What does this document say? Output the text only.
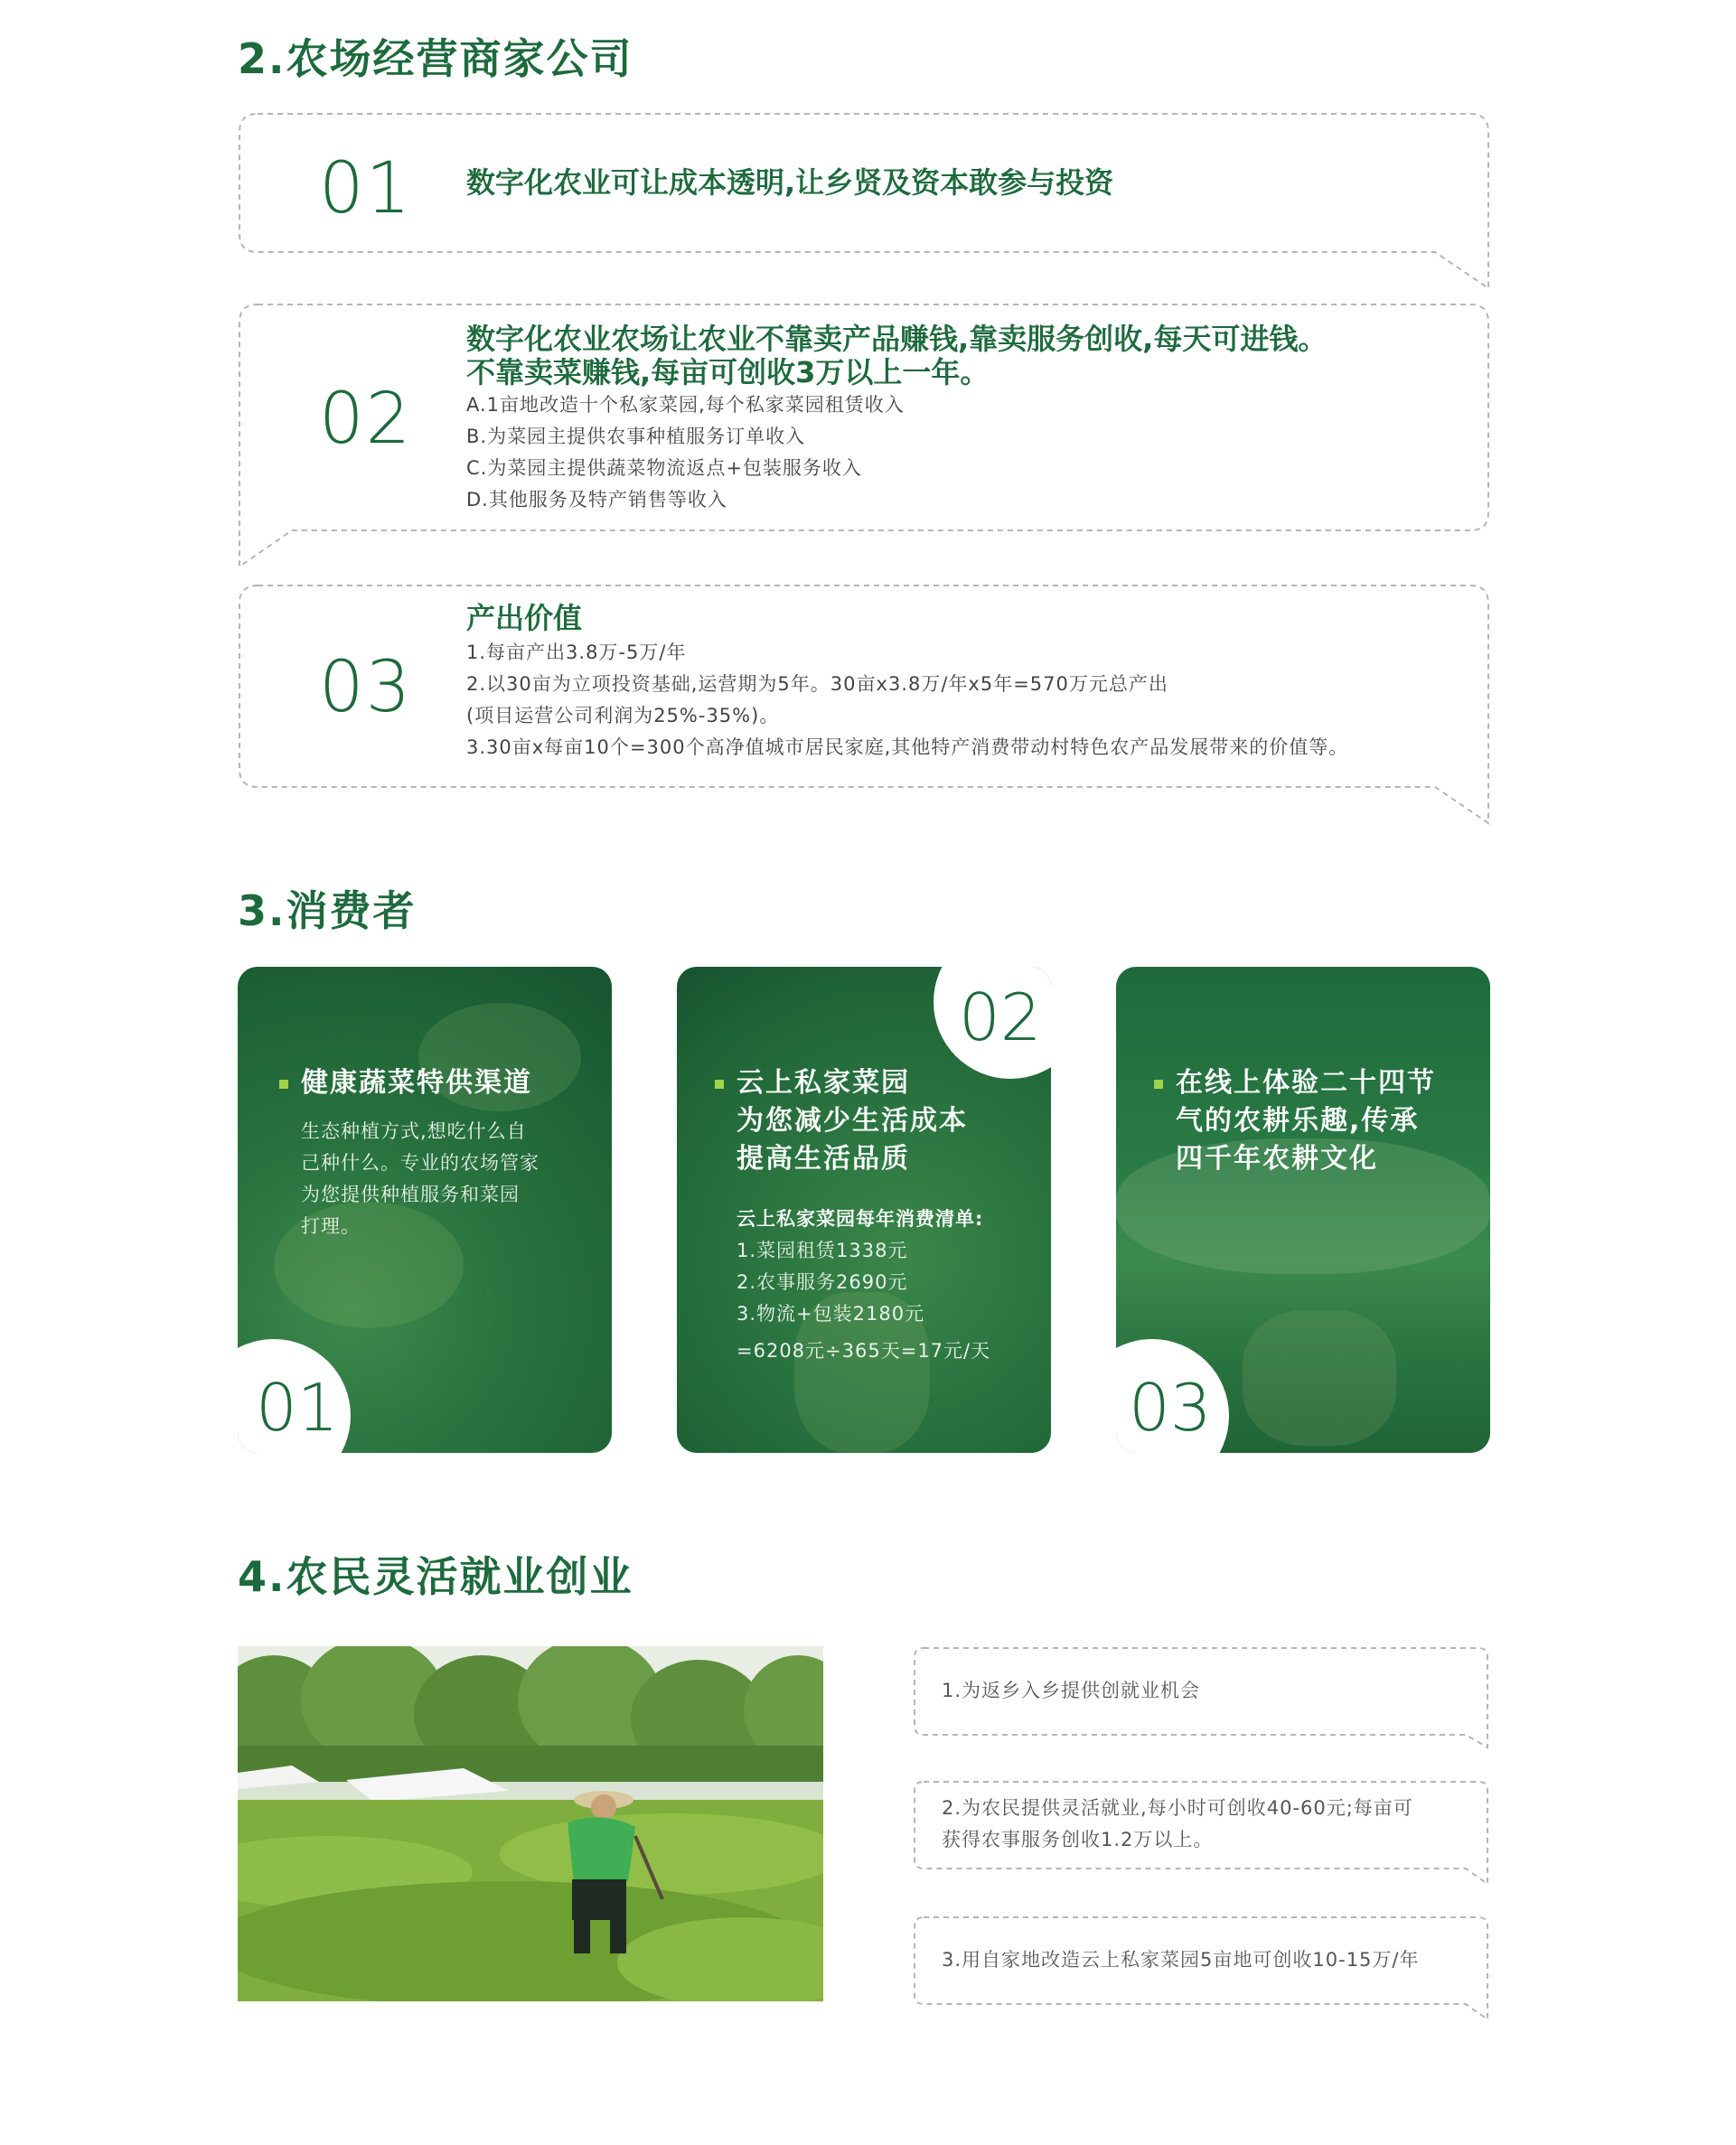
2.农场经营商家公司
01 数字化农业可让成本透明,让乡贤及资本敢参与投资

02

数字化农业农场让农业不靠卖产品赚钱,靠卖服务创收,每天可进钱。

不靠卖菜赚钱,每亩可创收3万以上一年。

A.1亩地改造十个私家菜园,每个私家菜园租赁收入

B.为菜园主提供农事种植服务订单收入

C.为菜园主提供蔬菜物流返点+包装服务收入

D.其他服务及特产销售等收入

03

产出价值

1.每亩产出3.8万-5万/年

2.以30亩为立项投资基础,运营期为5年。30亩x3.8万/年x5年=570万元总产出

(项目运营公司利润为25%-35%)。

3.30亩x每亩10个=300个高净值城市居民家庭,其他特产消费带动村特色农产品发展带来的价值等。

3.消费者

健康蔬菜特供渠道

生态种植方式,想吃什么自

己种什么。专业的农场管家

为您提供种植服务和菜园

打理。

01
02

云上私家菜园

为您减少生活成本

提高生活品质

云上私家菜园每年消费清单:

1.菜园租赁1338元

2.农事服务2690元

3.物流+包装2180元

=6208元÷365天=17元/天

在线上体验二十四节

气的农耕乐趣,传承

四千年农耕文化

03
4.农民灵活就业创业

1.为返乡入乡提供创就业机会

2.为农民提供灵活就业,每小时可创收40-60元;每亩可

获得农事服务创收1.2万以上。

3.用自家地改造云上私家菜园5亩地可创收10-15万/年
